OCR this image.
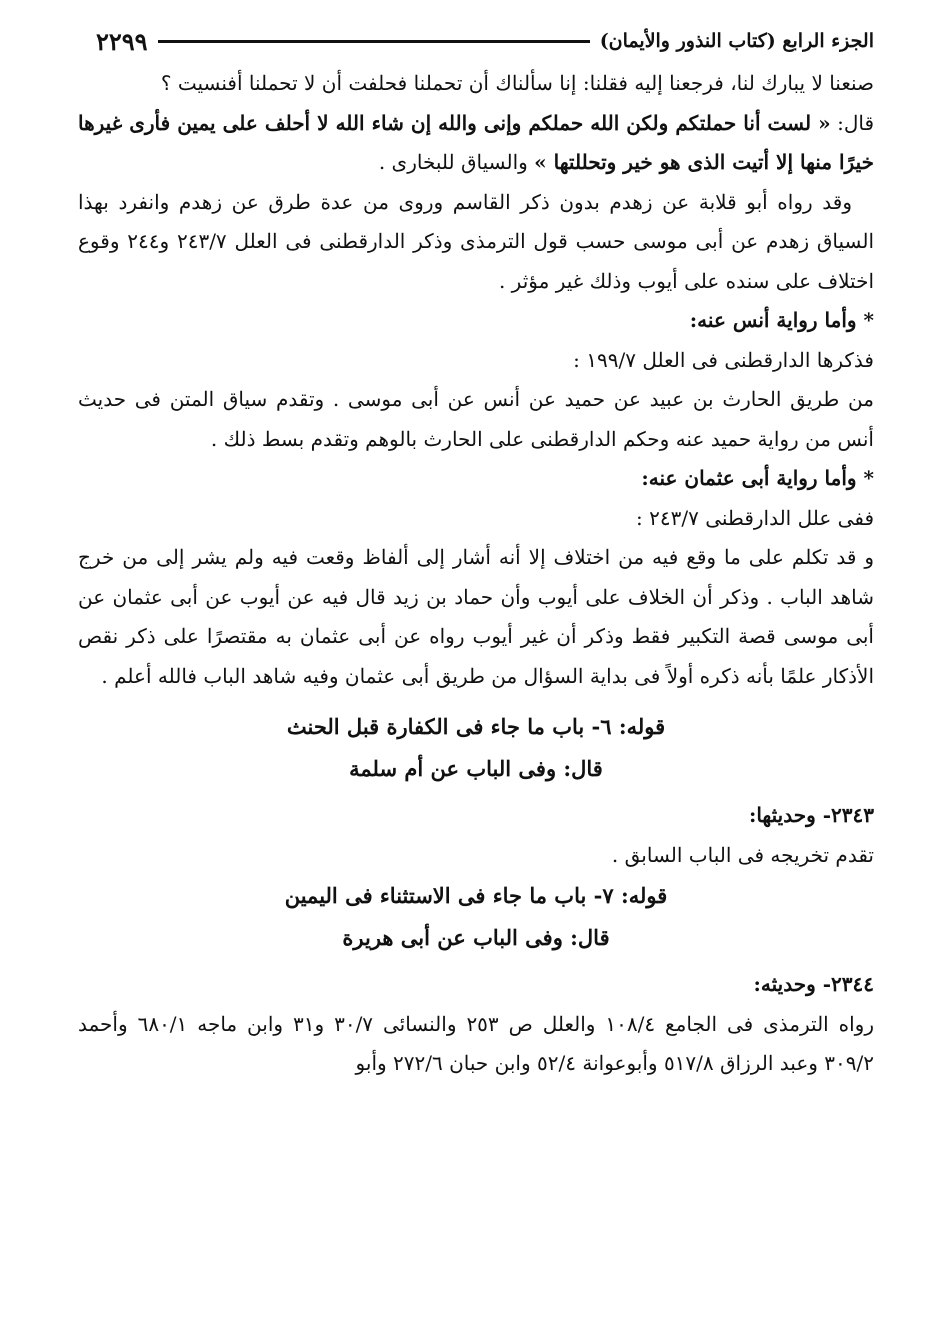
الجزء الرابع (كتاب النذور والأيمان)
٢٢٩٩

صنعنا لا يبارك لنا، فرجعنا إليه فقلنا: إنا سألناك أن تحملنا فحلفت أن لا تحملنا أفنسيت ؟

قال: « لست أنا حملتكم ولكن الله حملكم وإنى والله إن شاء الله لا أحلف على يمين فأرى غيرها خيرًا منها إلا أتيت الذى هو خير وتحللتها » والسياق للبخارى .

وقد رواه أبو قلابة عن زهدم بدون ذكر القاسم وروى من عدة طرق عن زهدم وانفرد بهذا السياق زهدم عن أبى موسى حسب قول الترمذى وذكر الدارقطنى فى العلل ٢٤٣/٧ و٢٤٤ وقوع اختلاف على سنده على أيوب وذلك غير مؤثر .

* وأما رواية أنس عنه:

فذكرها الدارقطنى فى العلل ١٩٩/٧ :

من طريق الحارث بن عبيد عن حميد عن أنس عن أبى موسى . وتقدم سياق المتن فى حديث أنس من رواية حميد عنه وحكم الدارقطنى على الحارث بالوهم وتقدم بسط ذلك .

* وأما رواية أبى عثمان عنه:

ففى علل الدارقطنى ٢٤٣/٧ :

و قد تكلم على ما وقع فيه من اختلاف إلا أنه أشار إلى ألفاظ وقعت فيه ولم يشر إلى من خرج شاهد الباب . وذكر أن الخلاف على أيوب وأن حماد بن زيد قال فيه عن أيوب عن أبى عثمان عن أبى موسى قصة التكبير فقط وذكر أن غير أيوب رواه عن أبى عثمان به مقتصرًا على ذكر نقص الأذكار علمًا بأنه ذكره أولاً فى بداية السؤال من طريق أبى عثمان وفيه شاهد الباب فالله أعلم .

قوله: ٦- باب ما جاء فى الكفارة قبل الحنث

قال: وفى الباب عن أم سلمة

٢٣٤٣- وحديثها:

تقدم تخريجه فى الباب السابق .

قوله: ٧- باب ما جاء فى الاستثناء فى اليمين

قال: وفى الباب عن أبى هريرة

٢٣٤٤- وحديثه:

رواه الترمذى فى الجامع ١٠٨/٤ والعلل ص ٢٥٣ والنسائى ٣٠/٧ و٣١ وابن ماجه ٦٨٠/١ وأحمد ٣٠٩/٢ وعبد الرزاق ٥١٧/٨ وأبوعوانة ٥٢/٤ وابن حبان ٢٧٢/٦ وأبو
